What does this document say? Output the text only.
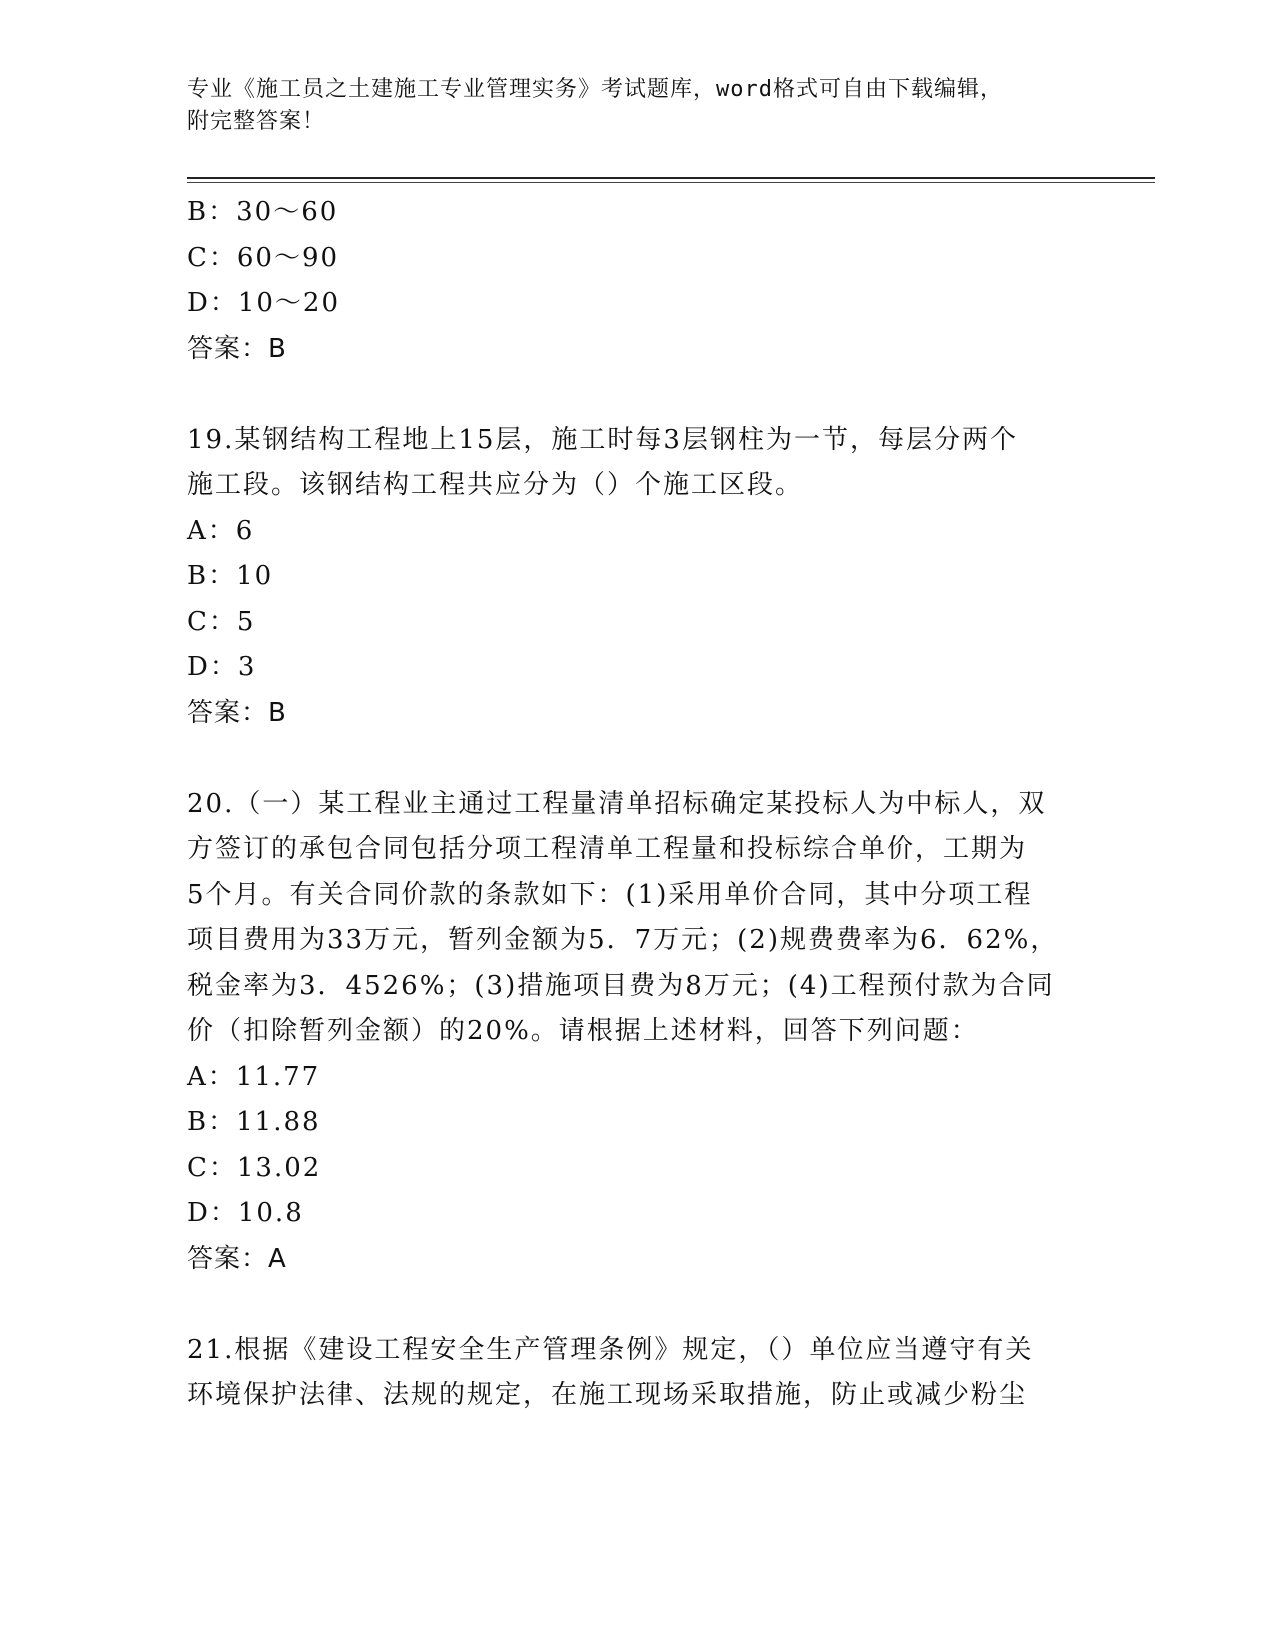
专业《施工员之土建施工专业管理实务》考试题库，word格式可自由下载编辑，
附完整答案！
B：30～60
C：60～90
D：10～20
答案：B
19.某钢结构工程地上15层，施工时每3层钢柱为一节，每层分两个
施工段。该钢结构工程共应分为（）个施工区段。
A：6
B：10
C：5
D：3
答案：B
20.（一）某工程业主通过工程量清单招标确定某投标人为中标人，双
方签订的承包合同包括分项工程清单工程量和投标综合单价，工期为
5个月。有关合同价款的条款如下：(1)采用单价合同，其中分项工程
项目费用为33万元，暂列金额为5．7万元；(2)规费费率为6．62%，
税金率为3．4526%；(3)措施项目费为8万元；(4)工程预付款为合同
价（扣除暂列金额）的20%。请根据上述材料，回答下列问题：
A：11.77
B：11.88
C：13.02
D：10.8
答案：A
21.根据《建设工程安全生产管理条例》规定，（）单位应当遵守有关
环境保护法律、法规的规定，在施工现场采取措施，防止或减少粉尘
